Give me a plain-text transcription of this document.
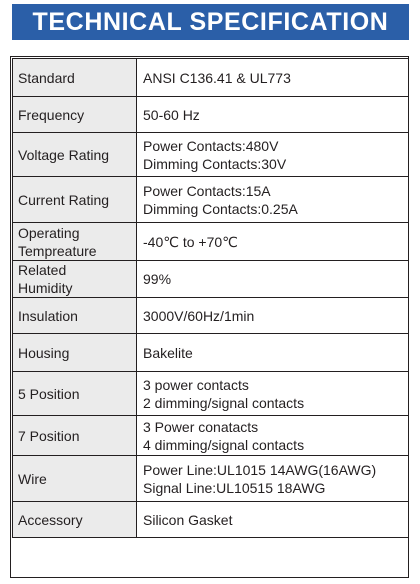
TECHNICAL SPECIFICATION
Standard	ANSI C136.41 & UL773

Frequency	50-60 Hz

Voltage Rating	Power Contacts:480V
Dimming Contacts:30V

Current Rating	Power Contacts:15A
Dimming Contacts:0.25A

Operating
Tempreature	-40℃ to +70℃

Related
Humidity	99%

Insulation	3000V/60Hz/1min

Housing	Bakelite

5 Position	3 power contacts
2 dimming/signal contacts

7 Position	3 Power conatacts
4 dimming/signal contacts

Wire	Power Line:UL1015 14AWG(16AWG)
Signal Line:UL10515 18AWG

Accessory	Silicon Gasket
